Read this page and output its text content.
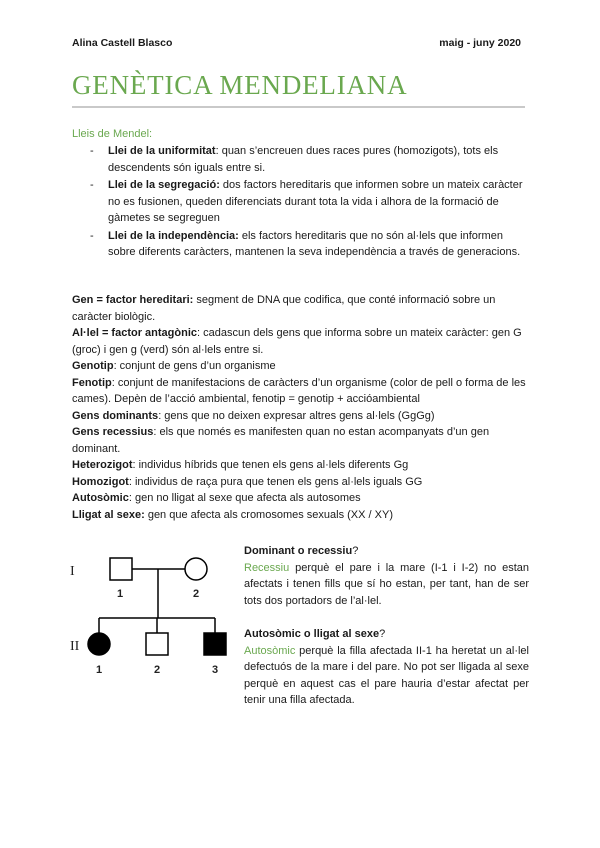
Alina Castell Blasco	maig - juny 2020
GENÈTICA MENDELIANA
Lleis de Mendel:
- Llei de la uniformitat: quan s’encreuen dues races pures (homozigots), tots els descendents són iguals entre si.
- Llei de la segregació: dos factors hereditaris que informen sobre un mateix caràcter no es fusionen, queden diferenciats durant tota la vida i alhora de la formació de gàmetes se segreguen
- Llei de la independència: els factors hereditaris que no són al·lels que informen sobre diferents caràcters, mantenen la seva independència a través de generacions.
Gen = factor hereditari: segment de DNA que codifica, que conté informació sobre un caràcter biològic.
Al·lel = factor antagònic: cadascun dels gens que informa sobre un mateix caràcter: gen G (groc) i gen g (verd) són al·lels entre si.
Genotip: conjunt de gens d’un organisme
Fenotip: conjunt de manifestacions de caràcters d’un organisme (color de pell o forma de les cames). Depèn de l’acció ambiental, fenotip = genotip + accióambiental
Gens dominants: gens que no deixen expresar altres gens al·lels (GgGg)
Gens recessius: els que només es manifesten quan no estan acompanyats d’un gen dominant.
Heterozigot: individus híbrids que tenen els gens al·lels diferents Gg
Homozigot: individus de raça pura que tenen els gens al·lels iguals GG
Autosòmic: gen no lligat al sexe que afecta als autosomes
Lligat al sexe: gen que afecta als cromosomes sexuals (XX / XY)
I
II
1	2
1	2	3
Dominant o recessiu?
Recessiu perquè el pare i la mare (I-1 i I-2) no estan afectats i tenen fills que sí ho estan, per tant, han de ser tots dos portadors de l’al·lel.
Autosòmic o lligat al sexe?
Autosòmic perquè la filla afectada II-1 ha heretat un al·lel defectuós de la mare i del pare. No pot ser lligada al sexe perquè en aquest cas el pare hauria d’estar afectat per tenir una filla afectada.
